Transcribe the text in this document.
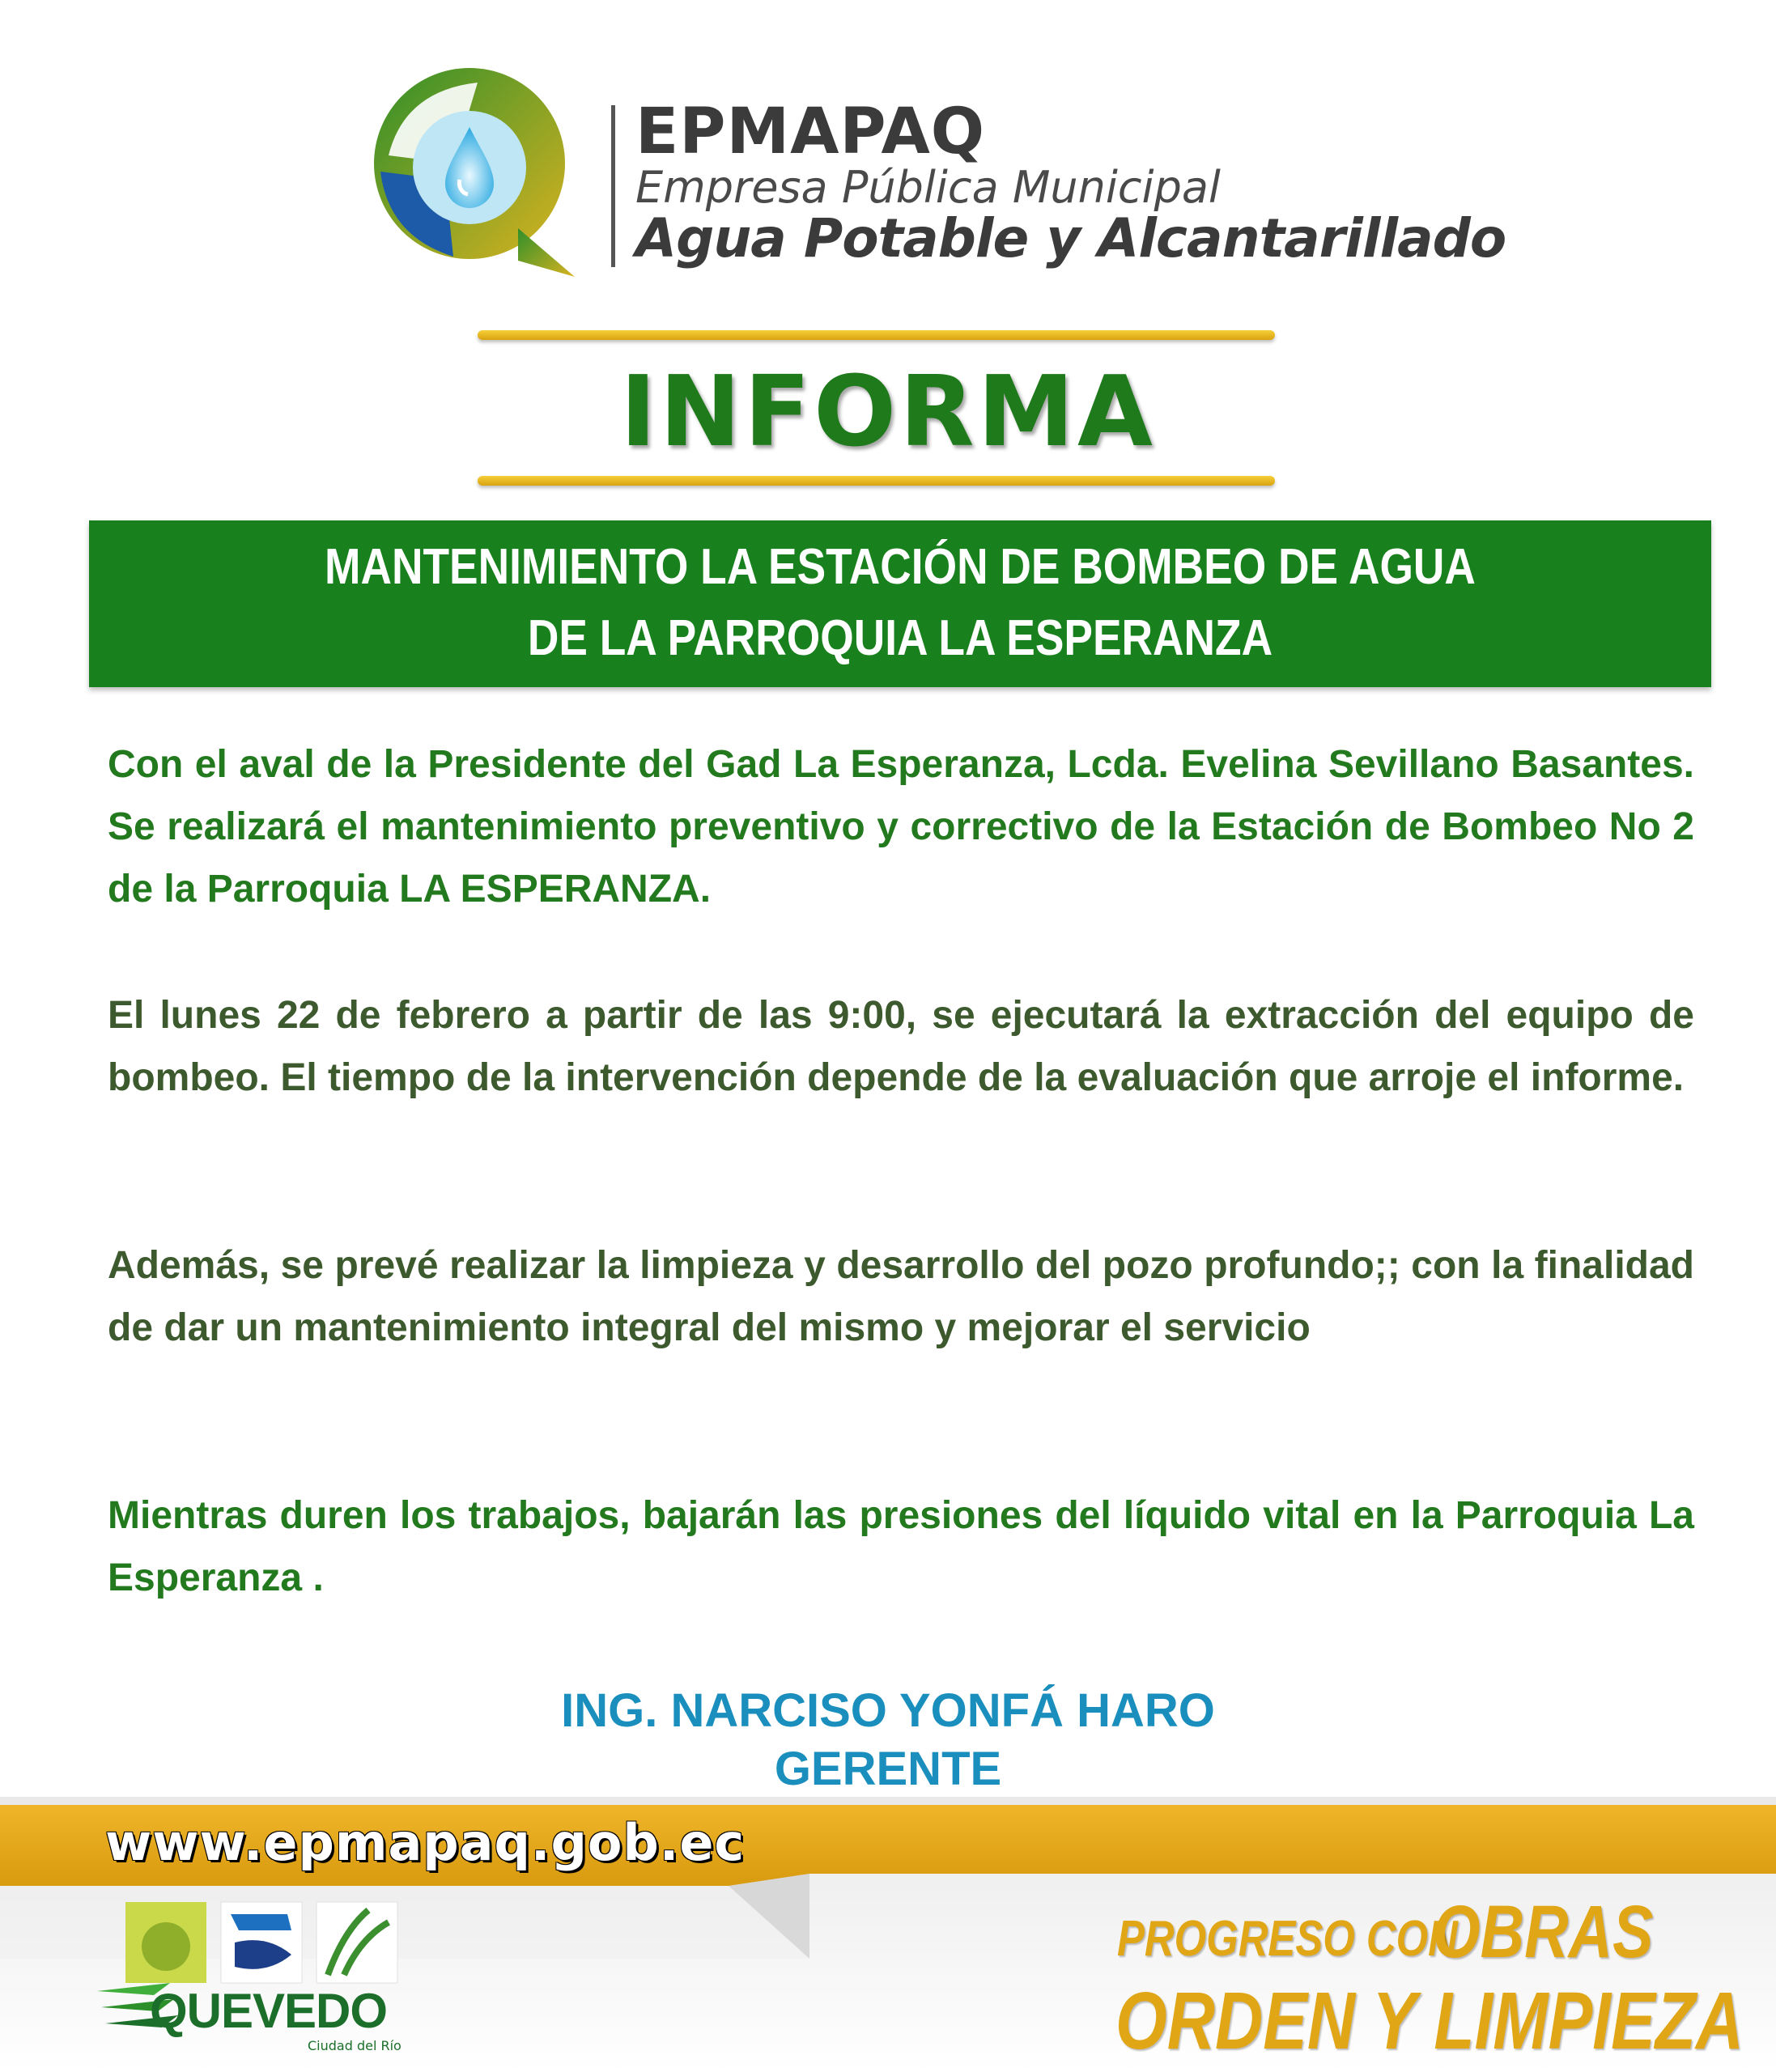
EPMAPAQ
Empresa Pública Municipal
Agua Potable y Alcantarillado
INFORMA
MANTENIMIENTO LA ESTACIÓN DE BOMBEO DE AGUA
DE LA PARROQUIA LA ESPERANZA

Con el aval de la Presidente del Gad La Esperanza, Lcda. Evelina Sevillano Basantes. Se realizará el mantenimiento preventivo y correctivo de la Estación de Bombeo No 2 de la Parroquia LA ESPERANZA.

El lunes 22 de febrero a partir de las 9:00, se ejecutará la extracción del equipo de bombeo. El tiempo de la intervención depende de la evaluación que arroje el informe.

Además, se prevé realizar la limpieza y desarrollo del pozo profundo;; con la finalidad de dar un mantenimiento integral del mismo y mejorar el servicio

Mientras duren los trabajos, bajarán las presiones del líquido vital en la Parroquia La Esperanza .

ING. NARCISO YONFÁ HARO
GERENTE
www.epmapaq.gob.ec
QUEVEDO
Ciudad del Río
PROGRESO CON
OBRAS
ORDEN Y LIMPIEZA
